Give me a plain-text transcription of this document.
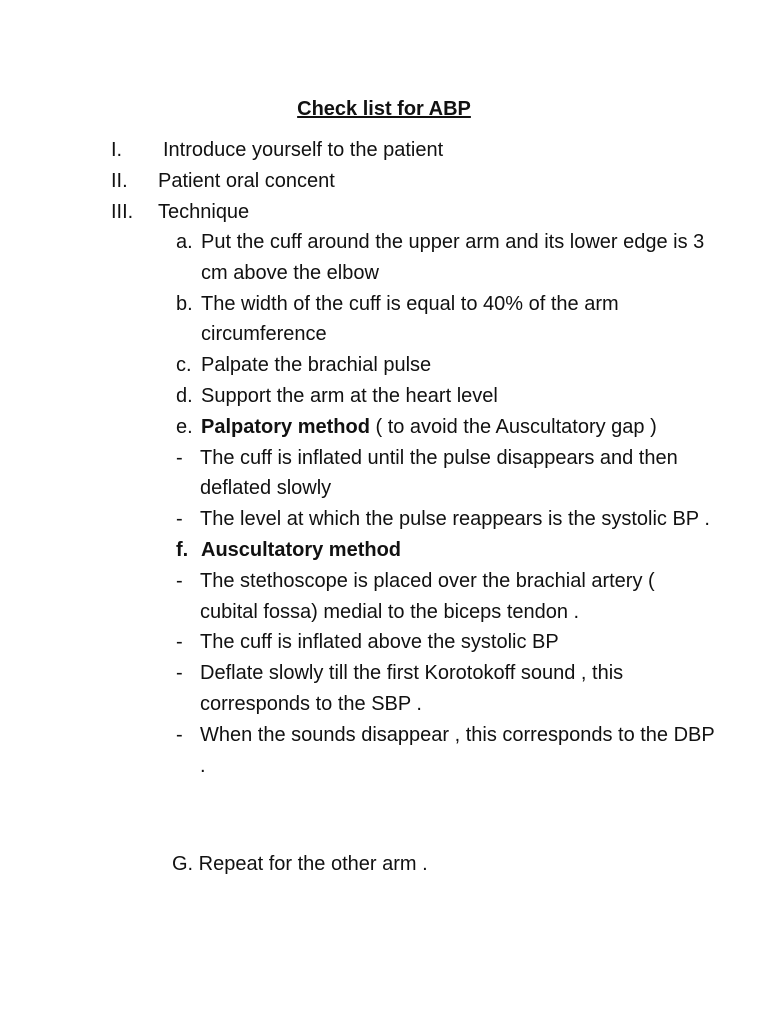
Check list for ABP
I.	Introduce yourself to the patient
II.	Patient oral concent
III.	Technique
a. Put the cuff around the upper arm and its lower edge is 3 cm above the elbow
b. The width of the cuff is equal to 40% of the arm circumference
c. Palpate the brachial pulse
d. Support the arm at the heart level
e. Palpatory method ( to avoid the Auscultatory gap )
- The cuff is inflated until the pulse disappears and then deflated slowly
- The level at which the pulse reappears is the systolic BP .
f. Auscultatory method
- The stethoscope is placed over the brachial artery ( cubital fossa) medial to the biceps tendon .
- The cuff is inflated above the systolic BP
- Deflate slowly till the first Korotokoff sound , this corresponds to the SBP .
- When the sounds disappear , this corresponds to the DBP .
G. Repeat for the other arm .
